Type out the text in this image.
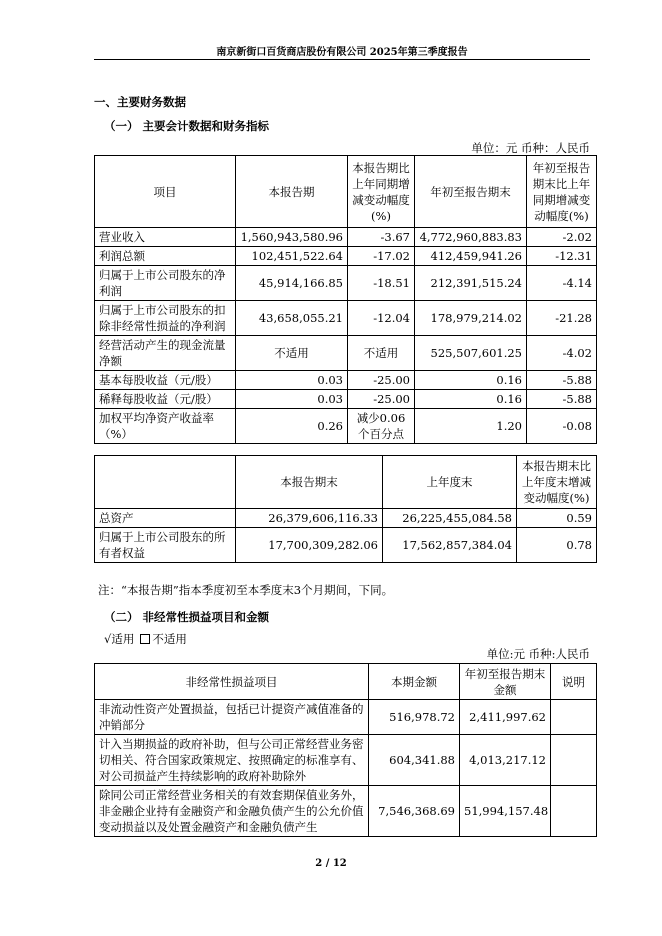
南京新街口百货商店股份有限公司 2025年第三季度报告
一、主要财务数据
（一） 主要会计数据和财务指标
单位：元 币种：人民币
项目	本报告期	本报告期比上年同期增减变动幅度(%)	年初至报告期末	年初至报告期末比上年同期增减变动幅度(%)
营业收入	1,560,943,580.96	-3.67	4,772,960,883.83	-2.02
利润总额	102,451,522.64	-17.02	412,459,941.26	-12.31
归属于上市公司股东的净利润	45,914,166.85	-18.51	212,391,515.24	-4.14
归属于上市公司股东的扣除非经常性损益的净利润	43,658,055.21	-12.04	178,979,214.02	-21.28
经营活动产生的现金流量净额	不适用	不适用	525,507,601.25	-4.02
基本每股收益（元/股）	0.03	-25.00	0.16	-5.88
稀释每股收益（元/股）	0.03	-25.00	0.16	-5.88
加权平均净资产收益率（%）	0.26	减少0.06个百分点	1.20	-0.08
	本报告期末	上年度末	本报告期末比上年度末增减变动幅度(%)
总资产	26,379,606,116.33	26,225,455,084.58	0.59
归属于上市公司股东的所有者权益	17,700,309,282.06	17,562,857,384.04	0.78
注：“本报告期”指本季度初至本季度末3个月期间，下同。
（二） 非经常性损益项目和金额
√适用 不适用
单位:元 币种:人民币
非经常性损益项目	本期金额	年初至报告期末金额	说明
非流动性资产处置损益，包括已计提资产减值准备的冲销部分	516,978.72	2,411,997.62	
计入当期损益的政府补助，但与公司正常经营业务密切相关、符合国家政策规定、按照确定的标准享有、对公司损益产生持续影响的政府补助除外	604,341.88	4,013,217.12	
除同公司正常经营业务相关的有效套期保值业务外，非金融企业持有金融资产和金融负债产生的公允价值变动损益以及处置金融资产和金融负债产生	7,546,368.69	51,994,157.48	
2 / 12
